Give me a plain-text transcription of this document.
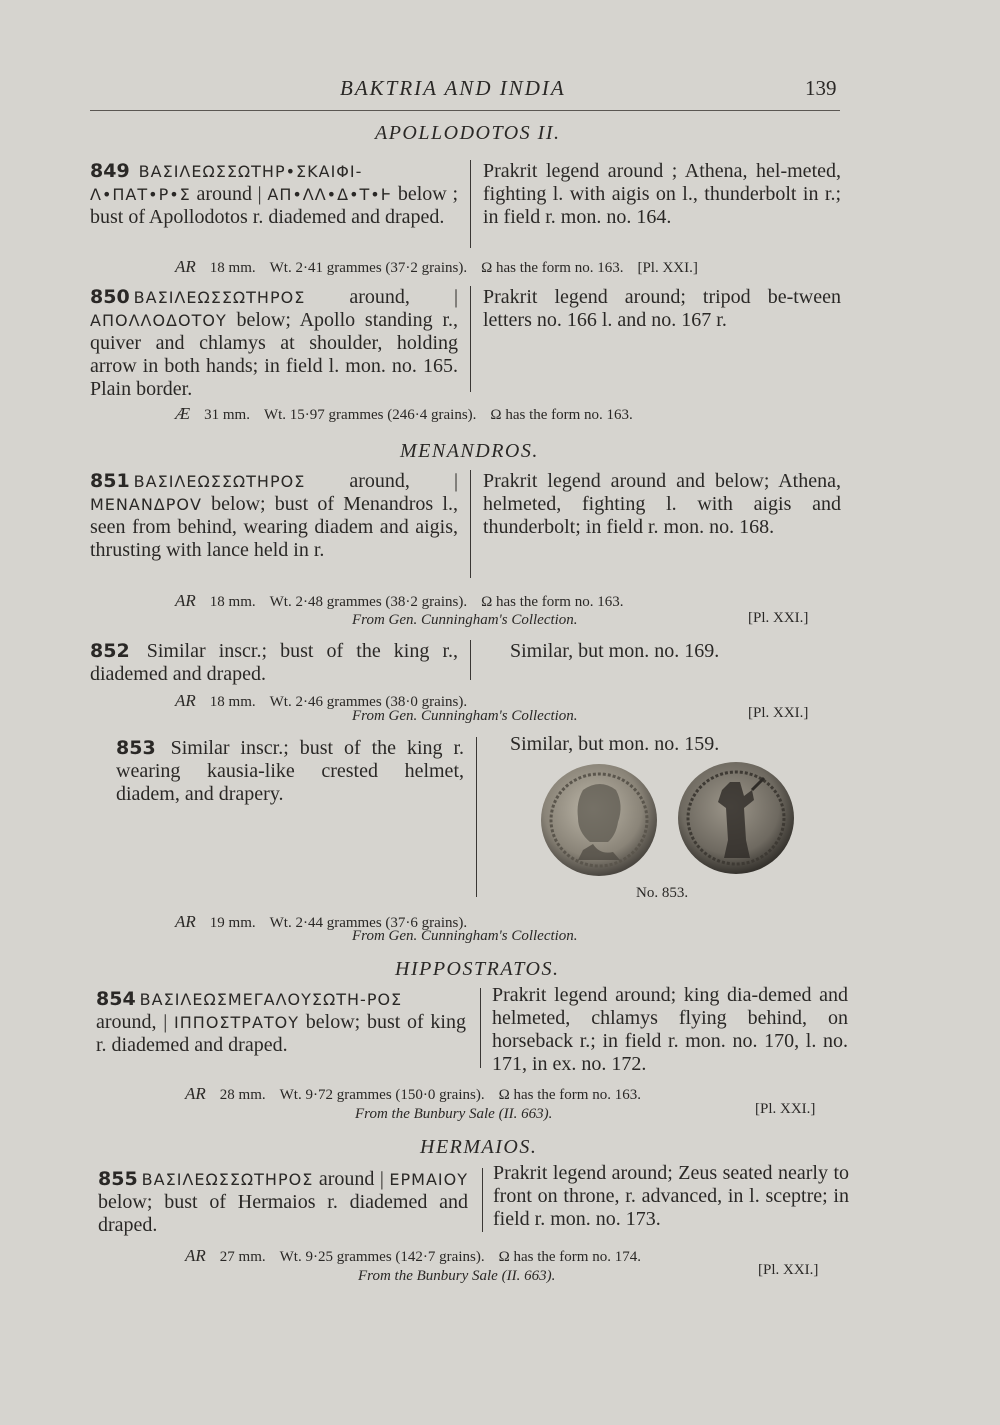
BAKTRIA AND INDIA	139
APOLLODOTOS II.
849 ΒΑΣΙΛΕΩΣΣΩΤΗΡ•ΣΚΑΙΦΙ-
Λ•ΠΑΤ•Ρ•Σ around | ΑΠ•ΛΛ•Δ•Τ•Ͱ below ; bust of Apollodotos r. diademed and draped.
Prakrit legend around ; Athena, hel-meted, fighting l. with aigis on l., thunderbolt in r.; in field r. mon. no. 164.
AR 18 mm. Wt. 2·41 grammes (37·2 grains). Ω has the form no. 163. [Pl. XXI.]
850 ΒΑΣΙΛΕΩΣΣΩΤΗΡΟΣ around, | ΑΠΟΛΛΟΔΟΤΟΥ below; Apollo standing r., quiver and chlamys at shoulder, holding arrow in both hands; in field l. mon. no. 165. Plain border.
Prakrit legend around; tripod be-tween letters no. 166 l. and no. 167 r.
Æ 31 mm. Wt. 15·97 grammes (246·4 grains). Ω has the form no. 163.
MENANDROS.
851 ΒΑΣΙΛΕΩΣΣΩΤΗΡΟΣ around, | ΜΕΝΑΝΔΡΟV below; bust of Menandros l., seen from behind, wearing diadem and aigis, thrusting with lance held in r.
Prakrit legend around and below; Athena, helmeted, fighting l. with aigis and thunderbolt; in field r. mon. no. 168.
AR 18 mm. Wt. 2·48 grammes (38·2 grains). Ω has the form no. 163.
From Gen. Cunningham's Collection.	[Pl. XXI.]
852 Similar inscr.; bust of the king r., diademed and draped.
Similar, but mon. no. 169.
AR 18 mm. Wt. 2·46 grammes (38·0 grains).
From Gen. Cunningham's Collection.	[Pl. XXI.]
853 Similar inscr.; bust of the king r. wearing kausia-like crested helmet, diadem, and drapery.
Similar, but mon. no. 159.
No. 853.
AR 19 mm. Wt. 2·44 grammes (37·6 grains).
From Gen. Cunningham's Collection.
HIPPOSTRATOS.
854 ΒΑΣΙΛΕΩΣΜΕΓΑΛΟΥΣΩΤΗ-ΡΟΣ around, | ΙΠΠΟΣΤΡΑΤΟΥ below; bust of king r. diademed and draped.
Prakrit legend around; king dia-demed and helmeted, chlamys flying behind, on horseback r.; in field r. mon. no. 170, l. no. 171, in ex. no. 172.
AR 28 mm. Wt. 9·72 grammes (150·0 grains). Ω has the form no. 163.
From the Bunbury Sale (II. 663).	[Pl. XXI.]
HERMAIOS.
855 ΒΑΣΙΛΕΩΣΣΩΤΗΡΟΣ around | ΕΡΜΑΙΟΥ below; bust of Hermaios r. diademed and draped.
Prakrit legend around; Zeus seated nearly to front on throne, r. advanced, in l. sceptre; in field r. mon. no. 173.
AR 27 mm. Wt. 9·25 grammes (142·7 grains). Ω has the form no. 174.
From the Bunbury Sale (II. 663).	[Pl. XXI.]
